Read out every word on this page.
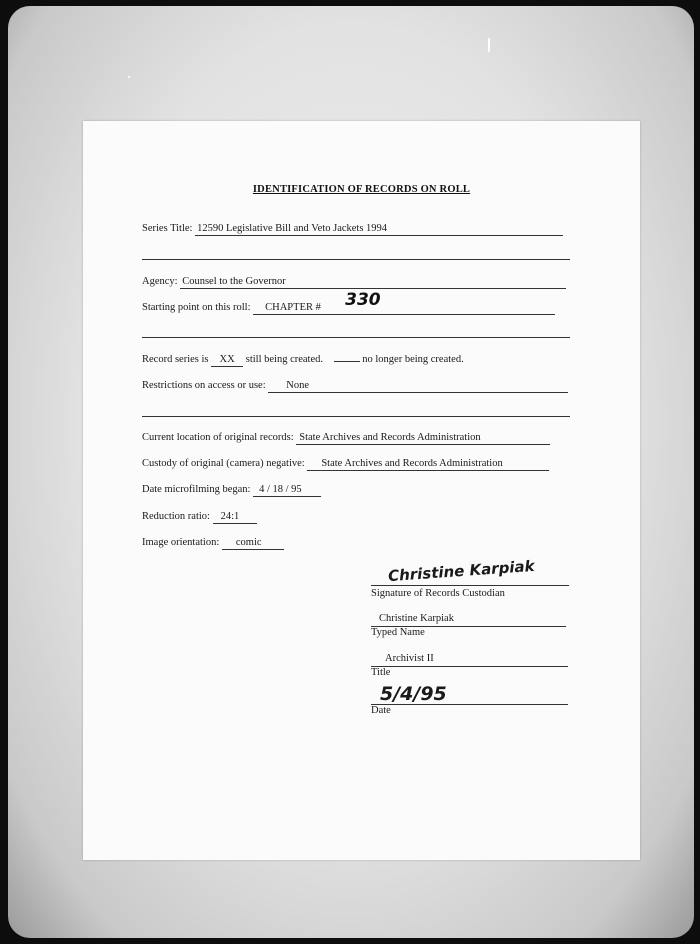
IDENTIFICATION OF RECORDS ON ROLL
Series Title: 12590 Legislative Bill and Veto Jackets 1994
Agency: Counsel to the Governor
Starting point on this roll: CHAPTER # 330
Record series is XX still being created.	no longer being created.
Restrictions on access or use: None
Current location of original records: State Archives and Records Administration
Custody of original (camera) negative: State Archives and Records Administration
Date microfilming began: 4 / 18 / 95
Reduction ratio: 24:1
Image orientation: comic
Christine Karpiak
Signature of Records Custodian
Christine Karpiak
Typed Name
Archivist II
Title
5/4/95
Date
